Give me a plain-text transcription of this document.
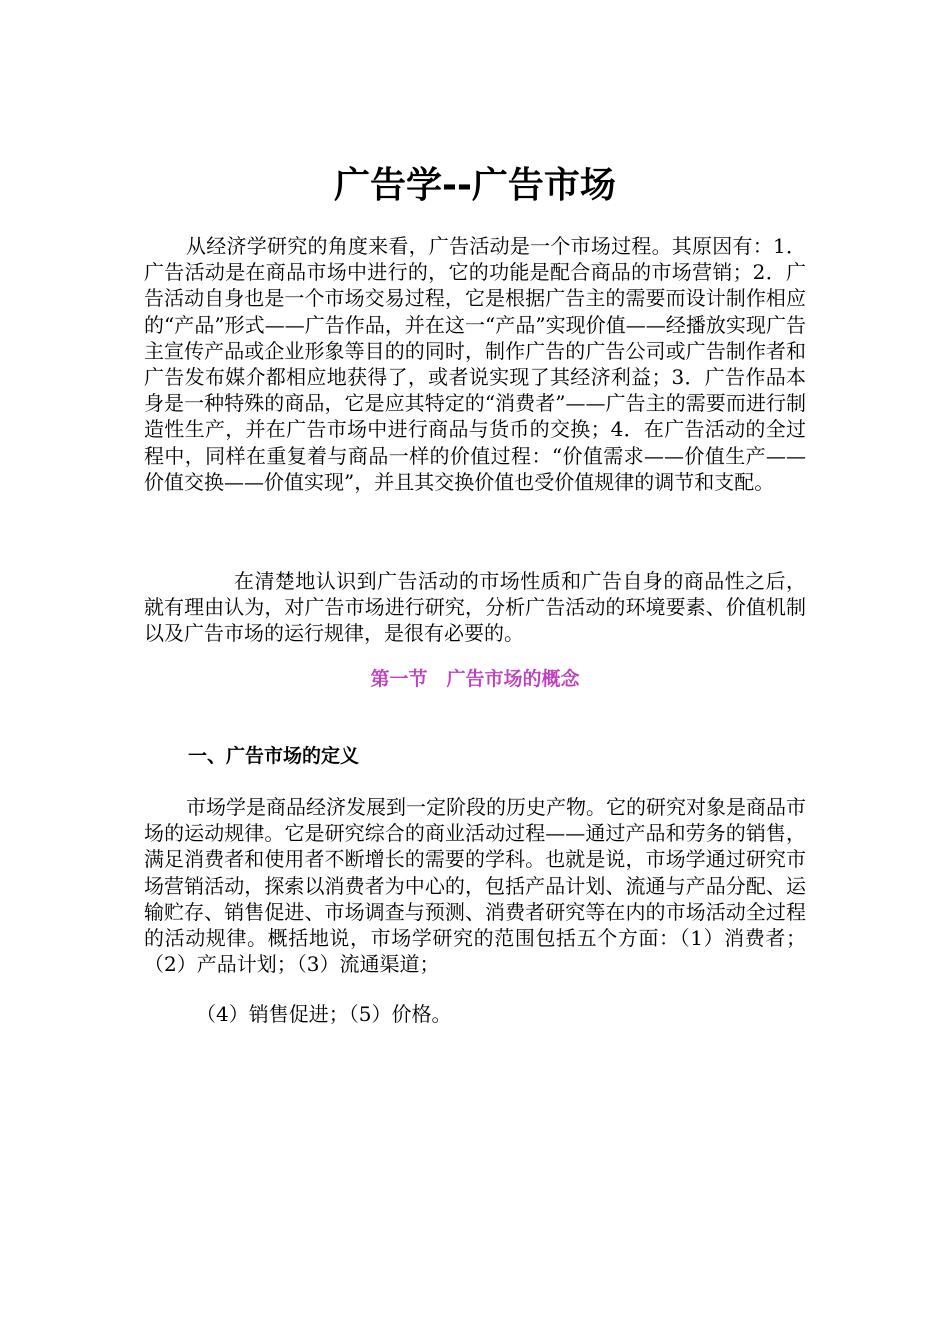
广告学--广告市场

从经济学研究的角度来看，广告活动是一个市场过程。其原因有：1．广告活动是在商品市场中进行的，它的功能是配合商品的市场营销；2．广告活动自身也是一个市场交易过程，它是根据广告主的需要而设计制作相应的“产品”形式——广告作品，并在这一“产品”实现价值——经播放实现广告主宣传产品或企业形象等目的的同时，制作广告的广告公司或广告制作者和广告发布媒介都相应地获得了，或者说实现了其经济利益；3．广告作品本身是一种特殊的商品，它是应其特定的“消费者”——广告主的需要而进行制造性生产，并在广告市场中进行商品与货币的交换；4．在广告活动的全过程中，同样在重复着与商品一样的价值过程：“价值需求——价值生产——价值交换——价值实现”，并且其交换价值也受价值规律的调节和支配。

在清楚地认识到广告活动的市场性质和广告自身的商品性之后，就有理由认为，对广告市场进行研究，分析广告活动的环境要素、价值机制以及广告市场的运行规律，是很有必要的。

第一节　广告市场的概念
一、广告市场的定义

市场学是商品经济发展到一定阶段的历史产物。它的研究对象是商品市场的运动规律。它是研究综合的商业活动过程——通过产品和劳务的销售，满足消费者和使用者不断增长的需要的学科。也就是说，市场学通过研究市场营销活动，探索以消费者为中心的，包括产品计划、流通与产品分配、运输贮存、销售促进、市场调查与预测、消费者研究等在内的市场活动全过程的活动规律。概括地说，市场学研究的范围包括五个方面：（1）消费者；（2）产品计划；（3）流通渠道；

（4）销售促进；（5）价格。
